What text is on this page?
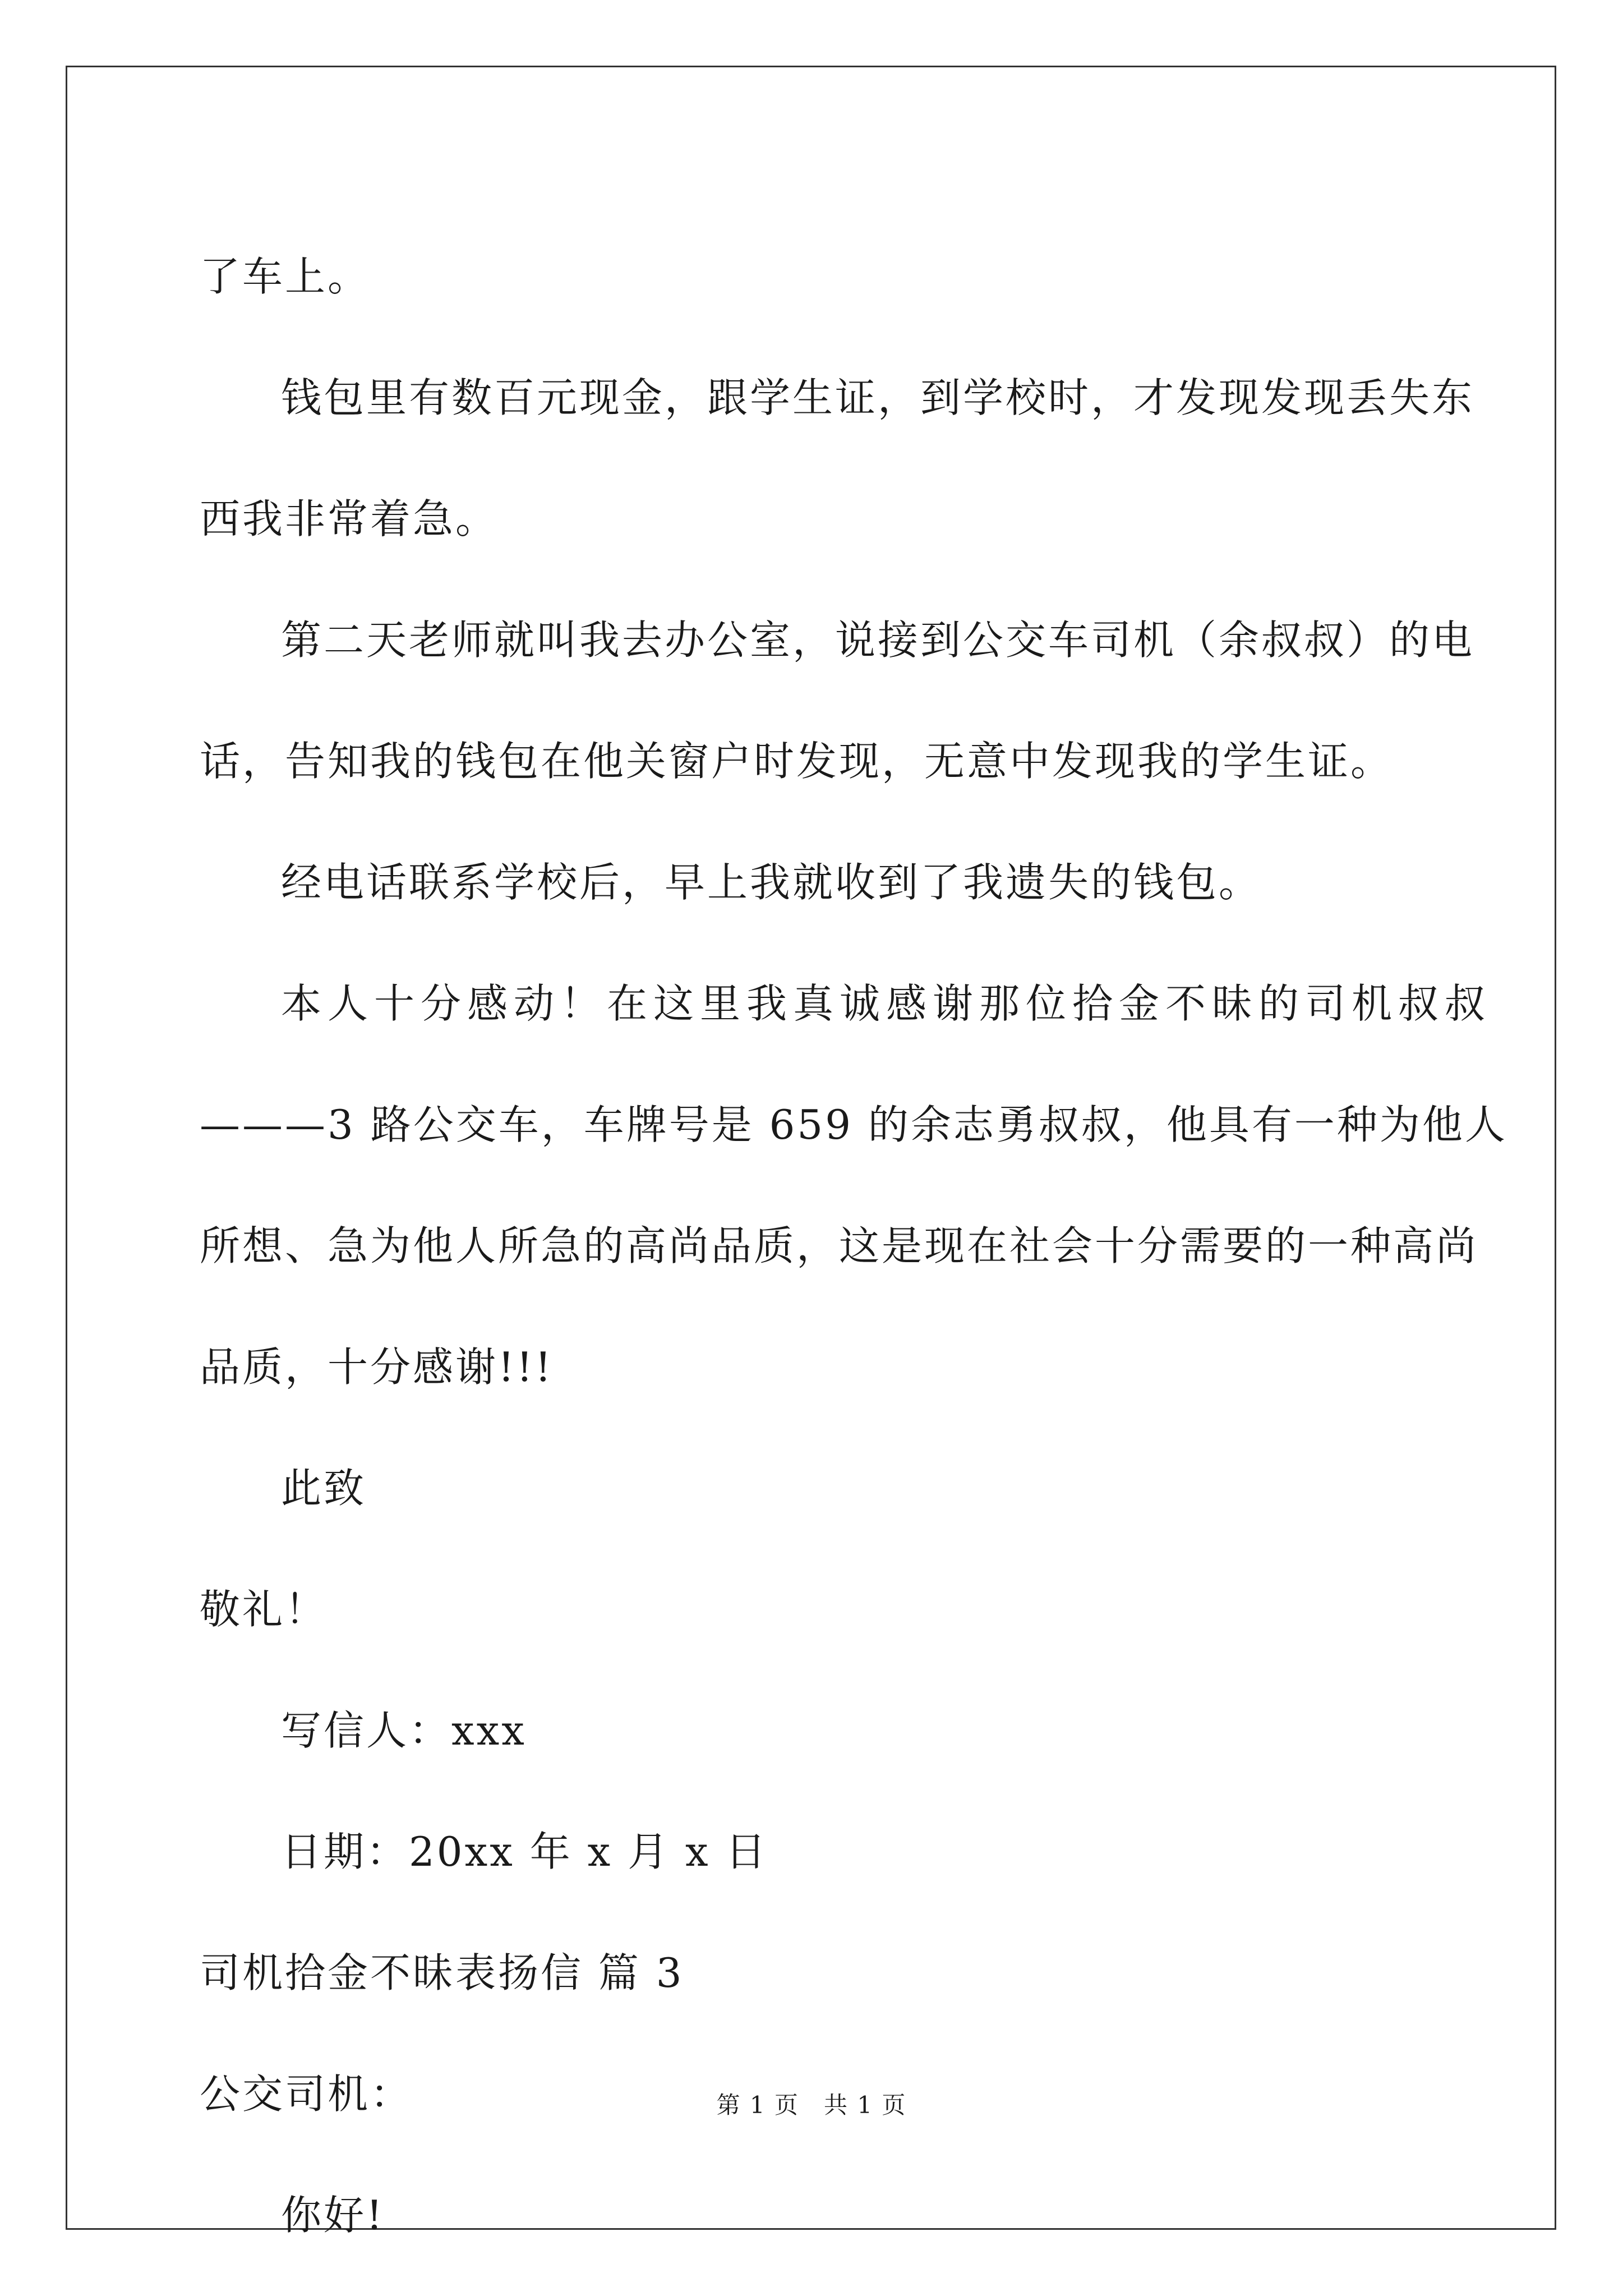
了车上。
钱包里有数百元现金，跟学生证，到学校时，才发现发现丢失东
西我非常着急。
第二天老师就叫我去办公室，说接到公交车司机（余叔叔）的电
话，告知我的钱包在他关窗户时发现，无意中发现我的学生证。
经电话联系学校后，早上我就收到了我遗失的钱包。
本人十分感动！在这里我真诚感谢那位拾金不昧的司机叔叔
———3 路公交车，车牌号是 659 的余志勇叔叔，他具有一种为他人
所想、急为他人所急的高尚品质，这是现在社会十分需要的一种高尚
品质，十分感谢!!!
此致
敬礼！
写信人：xxx
日期：20xx 年 x 月 x 日
司机拾金不昧表扬信 篇 3
公交司机：
你好!
第 1 页　共 1 页
